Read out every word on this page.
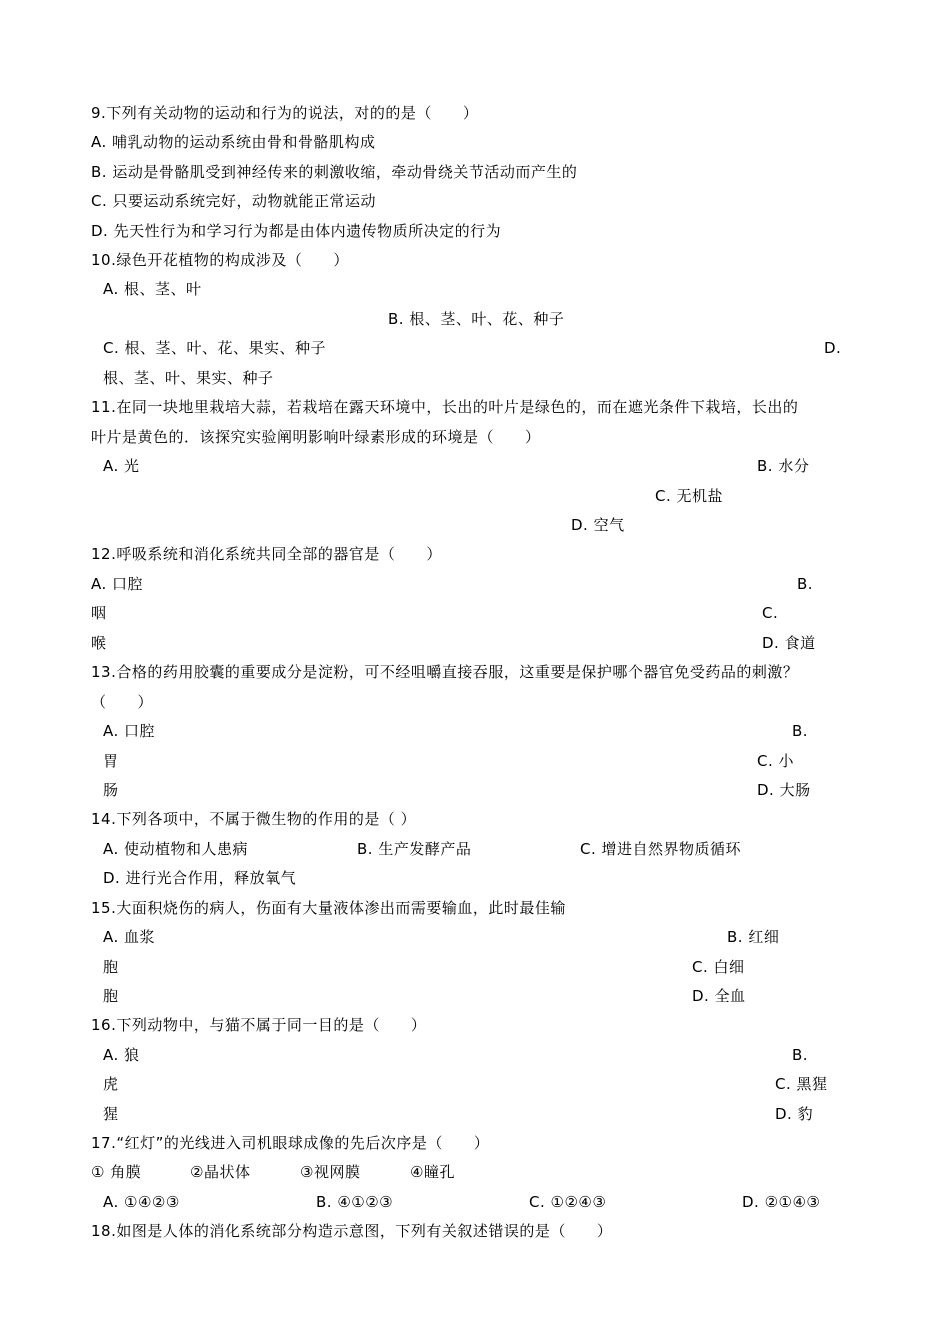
9.下列有关动物的运动和行为的说法，对的的是（　　）
A. 哺乳动物的运动系统由骨和骨骼肌构成
B. 运动是骨骼肌受到神经传来的刺激收缩，牵动骨绕关节活动而产生的
C. 只要运动系统完好，动物就能正常运动
D. 先天性行为和学习行为都是由体内遗传物质所决定的行为
10.绿色开花植物的构成涉及（　　）
A. 根、茎、叶
B. 根、茎、叶、花、种子
C. 根、茎、叶、花、果实、种子	D.
根、茎、叶、果实、种子
11.在同一块地里栽培大蒜，若栽培在露天环境中，长出的叶片是绿色的，而在遮光条件下栽培，长出的
叶片是黄色的．该探究实验阐明影响叶绿素形成的环境是（　　）
A. 光	B. 水分
C. 无机盐
D. 空气
12.呼吸系统和消化系统共同全部的器官是（　　）
A. 口腔	B.
咽	C.
喉	D. 食道
13.合格的药用胶囊的重要成分是淀粉，可不经咀嚼直接吞服，这重要是保护哪个器官免受药品的刺激？
（　　）
A. 口腔	B.
胃	C. 小
肠	D. 大肠
14.下列各项中，不属于微生物的作用的是（ ）
A. 使动植物和人患病	B. 生产发酵产品	C. 增进自然界物质循环
D. 进行光合作用，释放氧气
15.大面积烧伤的病人，伤面有大量液体渗出而需要输血，此时最佳输
A. 血浆	B. 红细
胞	C. 白细
胞	D. 全血
16.下列动物中，与猫不属于同一目的是（　　）
A. 狼	B.
虎	C. 黑猩
猩	D. 豹
17.“红灯”的光线进入司机眼球成像的先后次序是（　　）
① 角膜	②晶状体	③视网膜	④瞳孔
A. ①④②③	B. ④①②③	C. ①②④③	D. ②①④③
18.如图是人体的消化系统部分构造示意图，下列有关叙述错误的是（　　）
